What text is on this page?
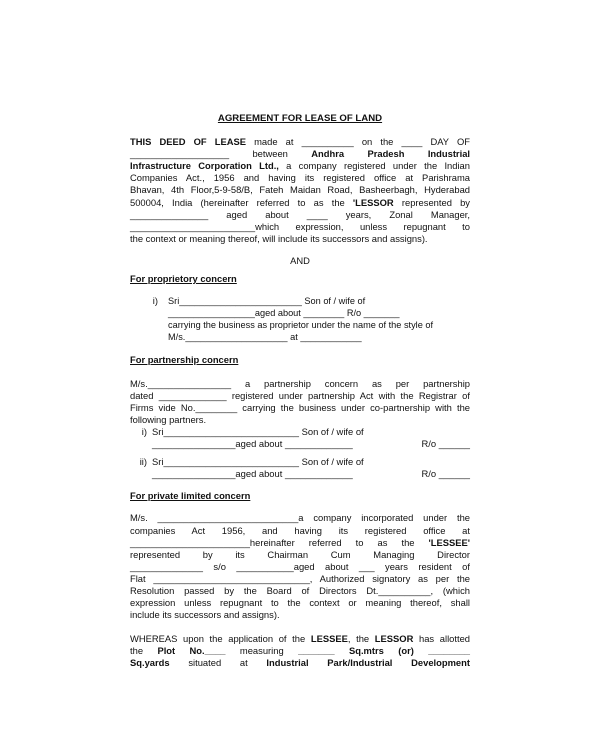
AGREEMENT FOR LEASE OF LAND

THIS DEED OF LEASE made at __________ on the ____ DAY OF

___________________ between Andhra Pradesh Industrial

Infrastructure Corporation Ltd., a company registered under the Indian

Companies Act., 1956 and having its registered office at Parishrama

Bhavan, 4th Floor,5-9-58/B, Fateh Maidan Road, Basheerbagh, Hyderabad

500004, India (hereinafter referred to as the 'LESSOR represented by

_______________ aged about ____ years, Zonal Manager,

________________________which expression, unless repugnant to

the context or meaning thereof, will include its successors and assigns).

AND

For proprietory concern

i)	Sri________________________ Son of / wife of

_________________aged about ________ R/o _______

carrying the business as proprietor under the name of the style of

M/s.____________________ at ____________

For partnership concern

M/s.________________ a partnership concern as per partnership

dated _____________ registered under partnership Act with the Registrar of

Firms vide No.________ carrying the business under co-partnership with the

following partners.

i) Sri__________________________ Son of / wife of

________________aged about _____________	R/o ______

ii) Sri__________________________ Son of / wife of

________________aged about _____________	R/o ______

For private limited concern

M/s. ___________________________a company incorporated under the

companies Act 1956, and having its registered office at

_______________________hereinafter referred to as the 'LESSEE'

represented by its Chairman Cum Managing Director

______________ s/o ___________aged about ___ years resident of

Flat ______________________________, Authorized signatory as per the

Resolution passed by the Board of Directors Dt.__________, (which

expression unless repugnant to the context or meaning thereof, shall

include its successors and assigns).

WHEREAS upon the application of the LESSEE, the LESSOR has allotted

the Plot No.____ measuring _______ Sq.mtrs (or) ________

Sq.yards situated at Industrial Park/Industrial Development
